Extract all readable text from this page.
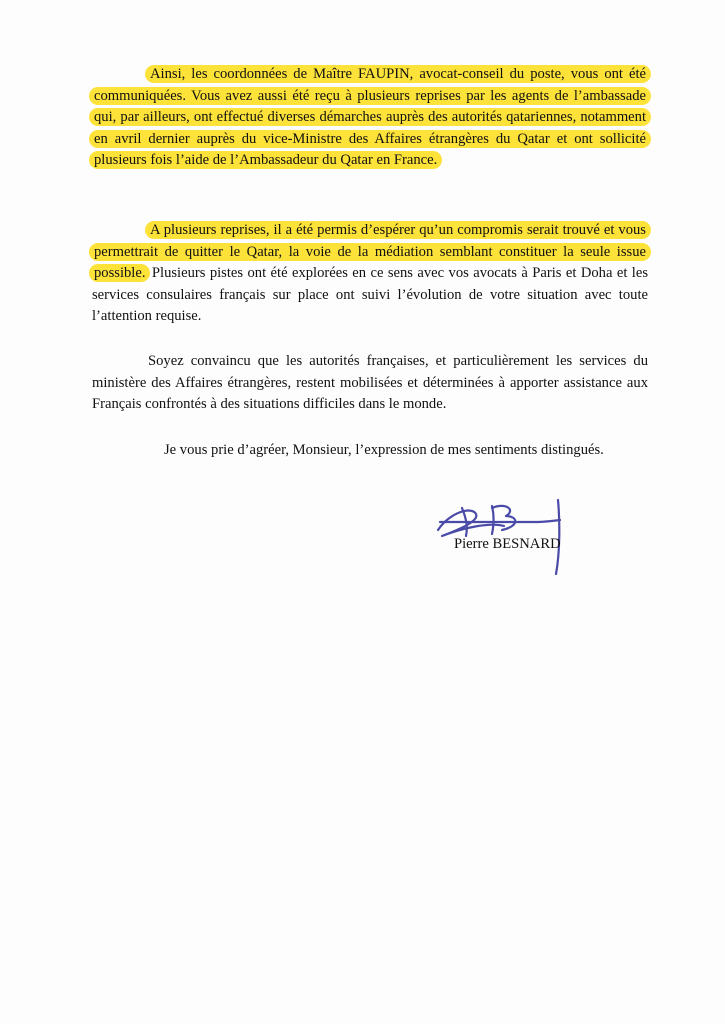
Ainsi, les coordonnées de Maître FAUPIN, avocat-conseil du poste, vous ont été communiquées. Vous avez aussi été reçu à plusieurs reprises par les agents de l’ambassade qui, par ailleurs, ont effectué diverses démarches auprès des autorités qatariennes, notamment en avril dernier auprès du vice-Ministre des Affaires étrangères du Qatar et ont sollicité plusieurs fois l’aide de l’Ambassadeur du Qatar en France.

A plusieurs reprises, il a été permis d’espérer qu’un compromis serait trouvé et vous permettrait de quitter le Qatar, la voie de la médiation semblant constituer la seule issue possible. Plusieurs pistes ont été explorées en ce sens avec vos avocats à Paris et Doha et les services consulaires français sur place ont suivi l’évolution de votre situation avec toute l’attention requise.

Soyez convaincu que les autorités françaises, et particulièrement les services du ministère des Affaires étrangères, restent mobilisées et déterminées à apporter assistance aux Français confrontés à des situations difficiles dans le monde.

Je vous prie d’agréer, Monsieur, l’expression de mes sentiments distingués.

Pierre BESNARD
